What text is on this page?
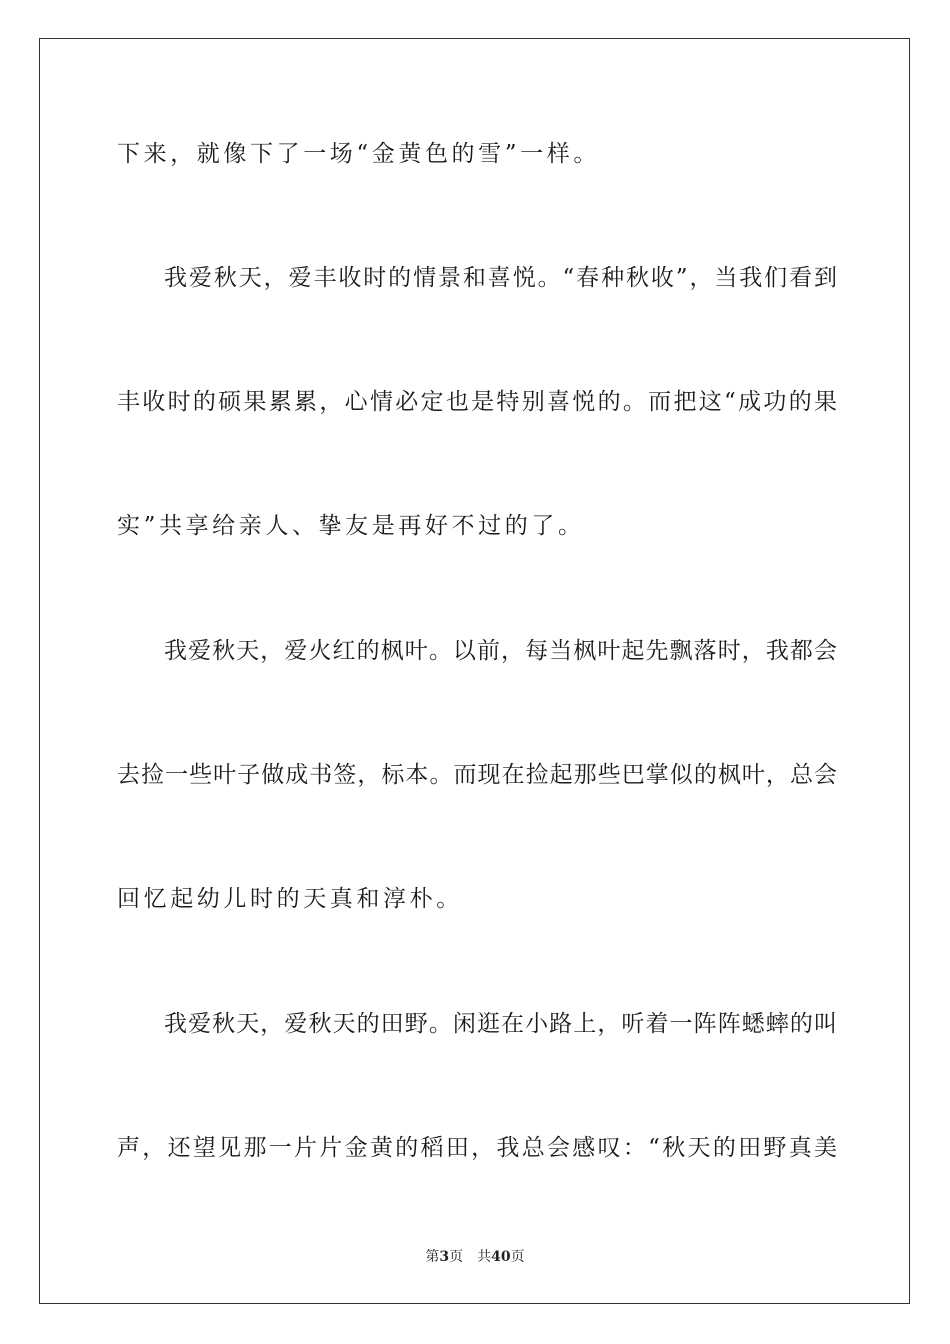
下来，就像下了一场“金黄色的雪”一样。
我爱秋天，爱丰收时的情景和喜悦。“春种秋收”，当我们看到
丰收时的硕果累累，心情必定也是特别喜悦的。而把这“成功的果
实”共享给亲人、挚友是再好不过的了。
我爱秋天，爱火红的枫叶。以前，每当枫叶起先飘落时，我都会
去捡一些叶子做成书签，标本。而现在捡起那些巴掌似的枫叶，总会
回忆起幼儿时的天真和淳朴。
我爱秋天，爱秋天的田野。闲逛在小路上，听着一阵阵蟋蟀的叫
声，还望见那一片片金黄的稻田，我总会感叹：“秋天的田野真美
第3页 共40页
